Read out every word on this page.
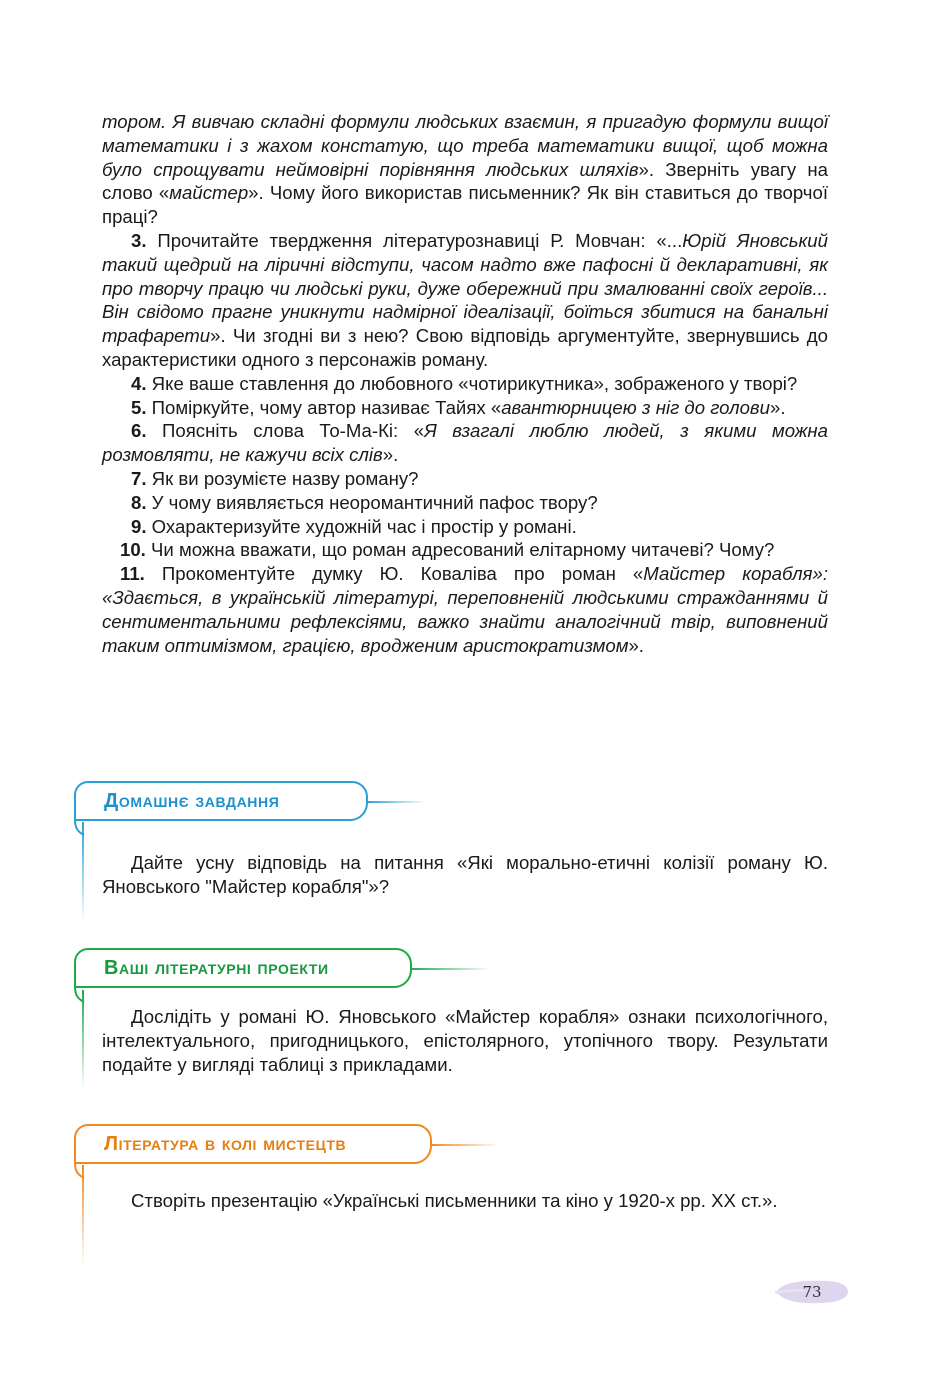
тором. Я вивчаю складні формули людських взаємин, я пригадую формули вищої математики і з жахом констатую, що треба математики вищої, щоб можна було спрощувати неймовірні порівняння людських шляхів». Зверніть увагу на слово «майстер». Чому його використав письменник? Як він ставиться до творчої праці?

3. Прочитайте твердження літературознавиці Р. Мовчан: «...Юрій Яновський такий щедрий на ліричні відступи, часом надто вже пафосні й декларативні, як про творчу працю чи людські руки, дуже обережний при змалюванні своїх героїв... Він свідомо прагне уникнути надмірної ідеалізації, боїться збитися на банальні трафарети». Чи згодні ви з нею? Свою відповідь аргументуйте, звернувшись до характеристики одного з персонажів роману.

4. Яке ваше ставлення до любовного «чотирикутника», зображеного у творі?

5. Поміркуйте, чому автор називає Тайях «авантюрницею з ніг до голови».

6. Поясніть слова То-Ма-Кі: «Я взагалі люблю людей, з якими можна розмовляти, не кажучи всіх слів».

7. Як ви розумієте назву роману?

8. У чому виявляється неоромантичний пафос твору?

9. Охарактеризуйте художній час і простір у романі.

10. Чи можна вважати, що роман адресований елітарному читачеві? Чому?

11. Прокоментуйте думку Ю. Коваліва про роман «Майстер корабля»: «Здається, в українській літературі, переповненій людськими стражданнями й сентиментальними рефлексіями, важко знайти аналогічний твір, виповнений таким оптимізмом, грацією, вродженим аристократизмом».

Д омашнє завдання

Дайте усну відповідь на питання «Які морально-етичні колізії роману Ю. Яновського "Майстер корабля"»?

В аші літературні проекти

Дослідіть у романі Ю. Яновського «Майстер корабля» ознаки психологічного, інтелектуального, пригодницького, епістолярного, утопічного твору. Результати подайте у вигляді таблиці з прикладами.

Л ітература в колі мистецтв

Створіть презентацію «Українські письменники та кіно у 1920-х рр. XX ст.».

73
